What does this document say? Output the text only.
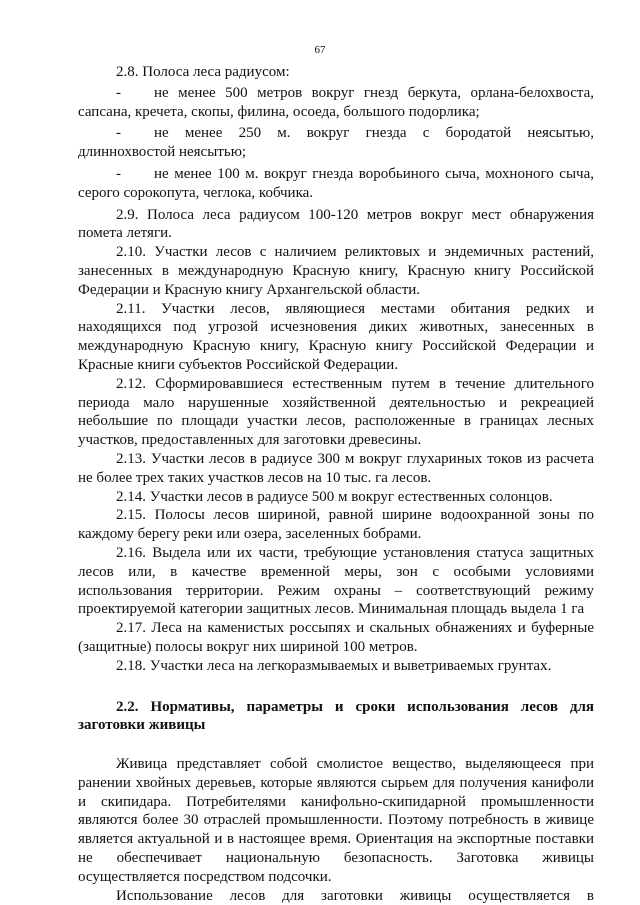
67

2.8. Полоса леса радиусом:

- не менее 500 метров вокруг гнезд беркута, орлана-белохвоста, сапсана, кречета, скопы, филина, осоеда, большого подорлика;

- не менее 250 м. вокруг гнезда с бородатой неясытью, длиннохвостой неясытью;

- не менее 100 м. вокруг гнезда воробьиного сыча, мохноного сыча, серого сорокопута, чеглока, кобчика.

2.9. Полоса леса радиусом 100-120 метров вокруг мест обнаружения помета летяги.

2.10. Участки лесов с наличием реликтовых и эндемичных растений, занесенных в международную Красную книгу, Красную книгу Российской Федерации и Красную книгу Архангельской области.

2.11. Участки лесов, являющиеся местами обитания редких и находящихся под угрозой исчезновения диких животных, занесенных в международную Красную книгу, Красную книгу Российской Федерации и Красные книги субъектов Российской Федерации.

2.12. Сформировавшиеся естественным путем в течение длительного периода мало нарушенные хозяйственной деятельностью и рекреацией небольшие по площади участки лесов, расположенные в границах лесных участков, предоставленных для заготовки древесины.

2.13. Участки лесов в радиусе 300 м вокруг глухариных токов из расчета не более трех таких участков лесов на 10 тыс. га лесов.

2.14. Участки лесов в радиусе 500 м вокруг естественных солонцов.

2.15. Полосы лесов шириной, равной ширине водоохранной зоны по каждому берегу реки или озера, заселенных бобрами.

2.16. Выдела или их части, требующие установления статуса защитных лесов или, в качестве временной меры, зон с особыми условиями использования территории. Режим охраны – соответствующий режиму проектируемой категории защитных лесов. Минимальная площадь выдела 1 га

2.17. Леса на каменистых россыпях и скальных обнажениях и буферные (защитные) полосы вокруг них шириной 100 метров.

2.18. Участки леса на легкоразмываемых и выветриваемых грунтах.

2.2. Нормативы, параметры и сроки использования лесов для заготовки живицы

Живица представляет собой смолистое вещество, выделяющееся при ранении хвойных деревьев, которые являются сырьем для получения канифоли и скипидара. Потребителями канифольно-скипидарной промышленности являются более 30 отраслей промышленности. Поэтому потребность в живице является актуальной и в настоящее время. Ориентация на экспортные поставки не обеспечивает национальную безопасность. Заготовка живицы осуществляется посредством подсочки.

Использование лесов для заготовки живицы осуществляется в
